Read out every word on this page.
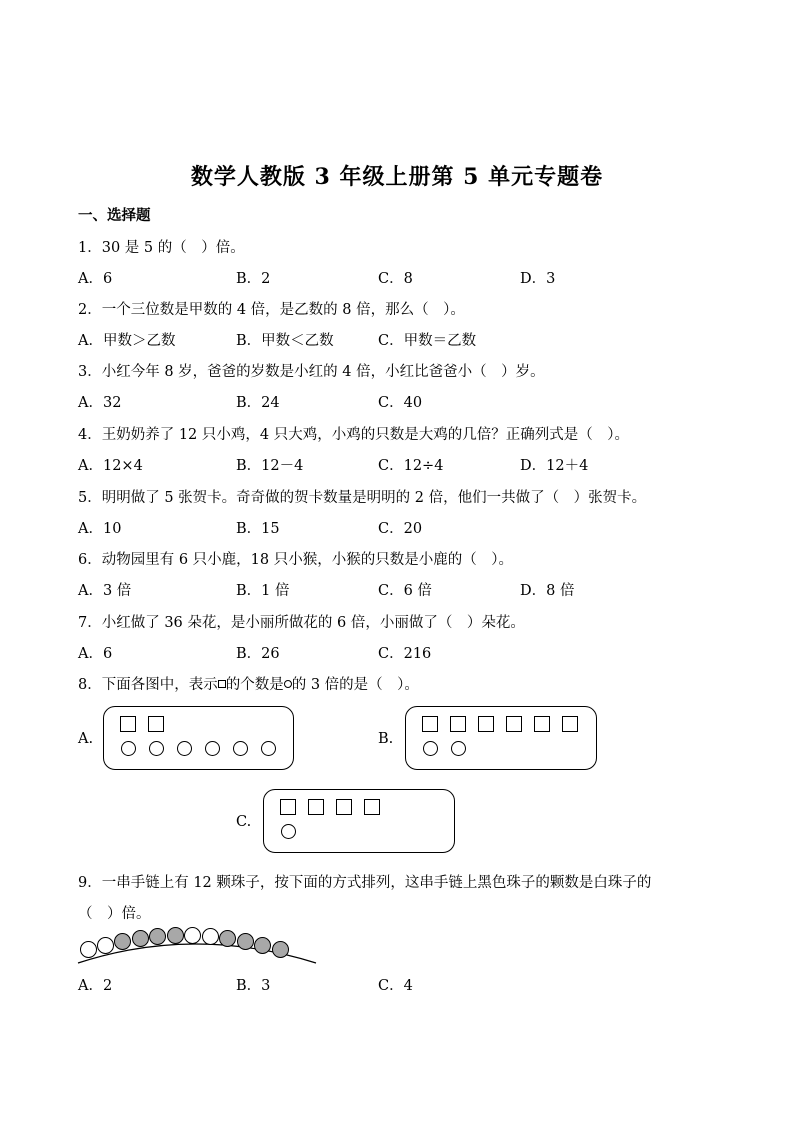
数学人教版 3 年级上册第 5 单元专题卷
一、选择题
1．30 是 5 的（　）倍。
A．6	B．2	C．8	D．3
2．一个三位数是甲数的 4 倍，是乙数的 8 倍，那么（　）。
A．甲数＞乙数	B．甲数＜乙数	C．甲数＝乙数
3．小红今年 8 岁，爸爸的岁数是小红的 4 倍，小红比爸爸小（　）岁。
A．32	B．24	C．40
4．王奶奶养了 12 只小鸡，4 只大鸡，小鸡的只数是大鸡的几倍？正确列式是（　）。
A．12×4	B．12－4	C．12÷4	D．12＋4
5．明明做了 5 张贺卡。奇奇做的贺卡数量是明明的 2 倍，他们一共做了（　）张贺卡。
A．10	B．15	C．20
6．动物园里有 6 只小鹿，18 只小猴，小猴的只数是小鹿的（　）。
A．3 倍	B．1 倍	C．6 倍	D．8 倍
7．小红做了 36 朵花，是小丽所做花的 6 倍，小丽做了（　）朵花。
A．6	B．26	C．216
8．下面各图中，表示 的个数是 的 3 倍的是（　）。
A.	B.
C.
9．一串手链上有 12 颗珠子，按下面的方式排列，这串手链上黑色珠子的颗数是白珠子的
（　）倍。
A．2	B．3	C．4
